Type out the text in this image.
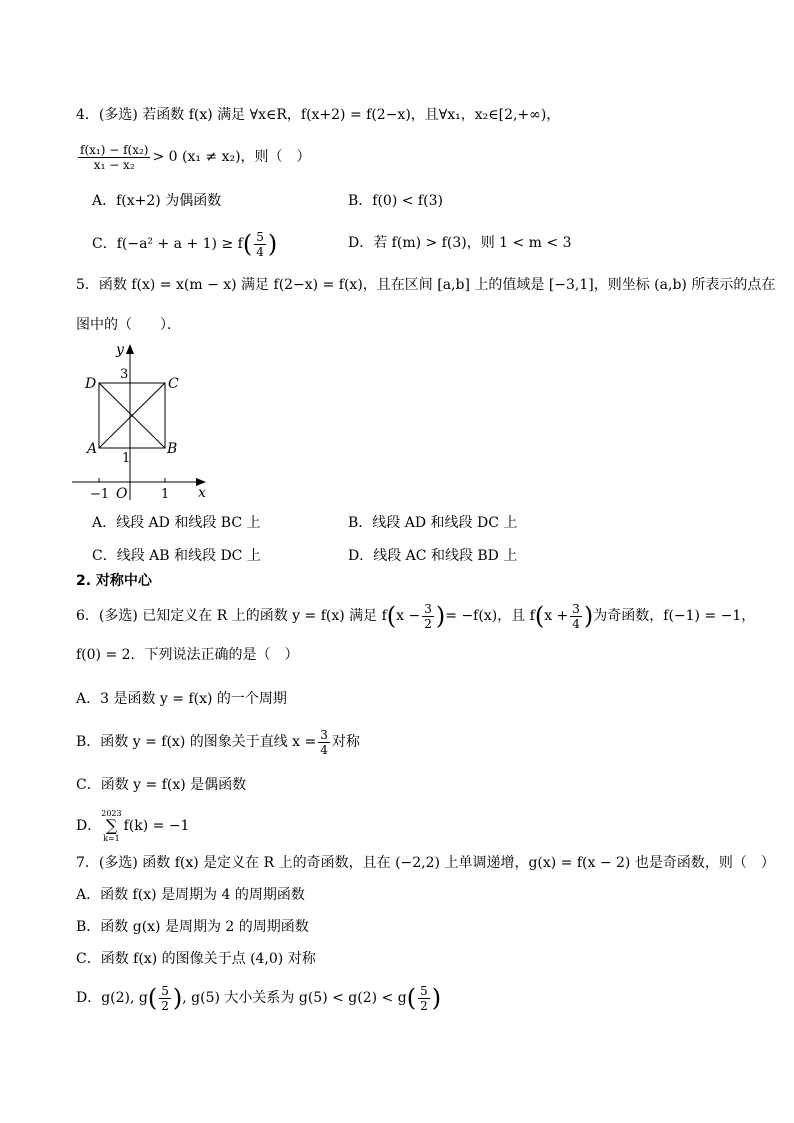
4．(多选) 若函数 f(x) 满足 ∀x∈R，f(x+2) = f(2−x)，且∀x₁，x₂∈[2,+∞)，
$\frac{\text{f(x₁) − f(x₂)}}{\text{x₁ − x₂}} > 0$ (x₁ ≠ x₂)，则（　）
A．f(x+2) 为偶函数	B．f(0) < f(3)
C．$f(-a^2 + a + 1) \ge f( \frac{5}{4}$ )	D．若 f(m) > f(3)，则 1 < m < 3
5．函数 f(x) = x(m − x) 满足 f(2−x) = f(x)，且在区间 [a,b] 上的值域是 [−3,1]，则坐标 (a,b) 所表示的点在
图中的（　　）．
y
x
O
D	C
A	B
3
1
−1	1
A．线段 AD 和线段 BC 上	B．线段 AD 和线段 DC 上
C．线段 AB 和线段 DC 上	D．线段 AC 和线段 BD 上
2. 对称中心
6．(多选) 已知定义在 R 上的函数 y = f(x) 满足 $f(x - \frac{3}{2}$ )= −f(x)，且 $f(x + \frac{3}{4}$ )为奇函数，f(−1) = −1，
f(0) = 2．下列说法正确的是（　）
A．3 是函数 y = f(x) 的一个周期
B．函数 y = f(x) 的图象关于直线 $x = \frac{3}{4}$ 对称
C．函数 y = f(x) 是偶函数
D．
2023
∑
k=1
f(k) = −1
7．(多选) 函数 f(x) 是定义在 R 上的奇函数，且在 (−2,2) 上单调递增，g(x) = f(x − 2) 也是奇函数，则（　）
A．函数 f(x) 是周期为 4 的周期函数
B．函数 g(x) 是周期为 2 的周期函数
C．函数 f(x) 的图像关于点 (4,0) 对称
D．g(2), $g( \frac{5}{2}$ ), g(5) 大小关系为 $g(5) < g(2) < g( \frac{5}{2}$ )
